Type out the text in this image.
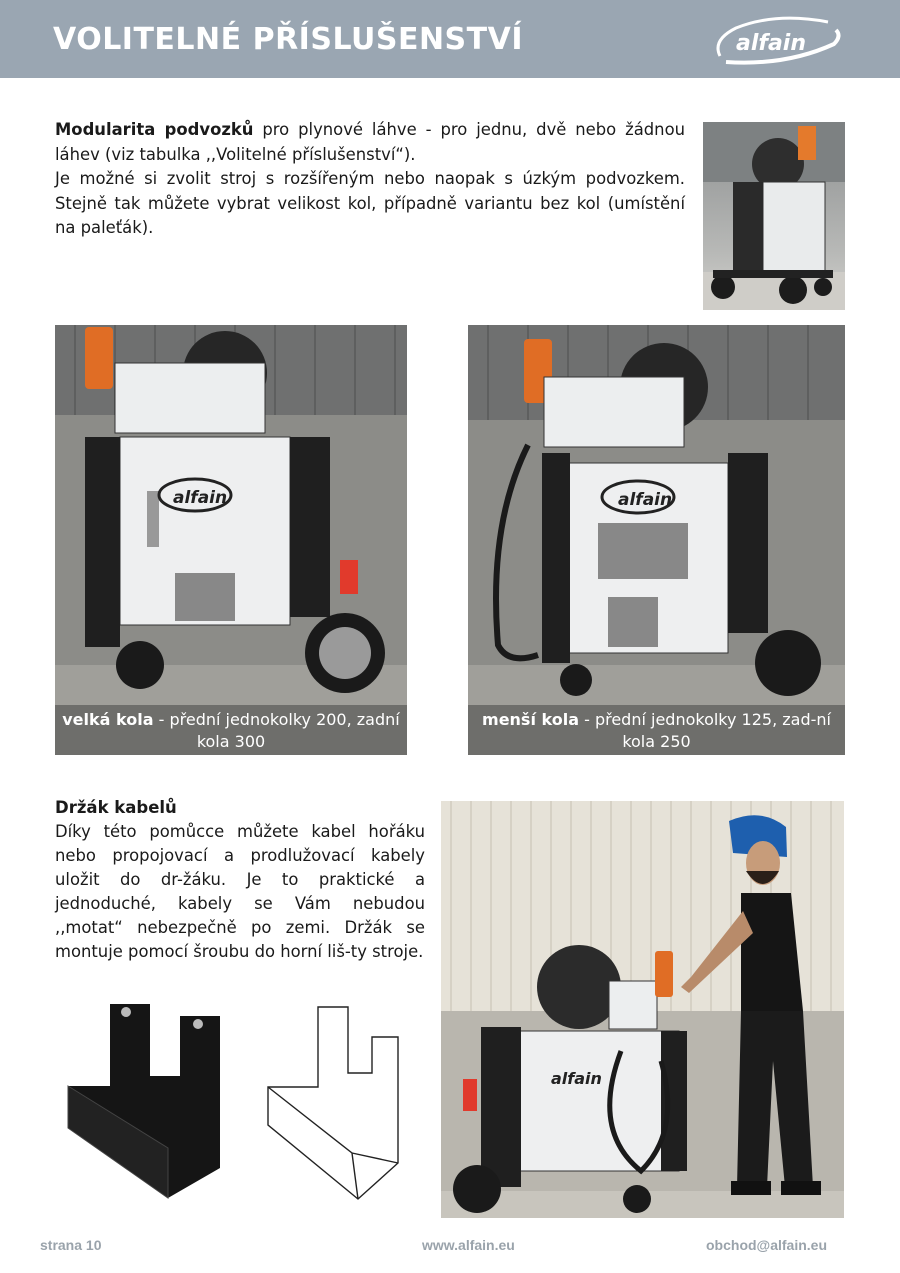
VOLITELNÉ PŘÍSLUŠENSTVÍ	alfain
Modularita podvozků pro plynové láhve - pro jednu, dvě nebo žádnou láhev (viz tabulka ,,Volitelné příslušenství“).
Je možné si zvolit stroj s rozšířeným nebo naopak s úzkým podvozkem. Stejně tak můžete vybrat velikost kol, případně variantu bez kol (umístění na paleťák).
alfain
velká kola - přední jednokolky 200, zadní kola 300
alfain
menší kola - přední jednokolky 125, zad-ní kola 250
Držák kabelů
Díky této pomůcce můžete kabel hořáku nebo propojovací a prodlužovací kabely uložit do dr-žáku. Je to praktické a jednoduché, kabely se Vám nebudou ,,motat“ nebezpečně po zemi. Držák se montuje pomocí šroubu do horní liš-ty stroje.
alfain
strana 10	www.alfain.eu	obchod@alfain.eu
